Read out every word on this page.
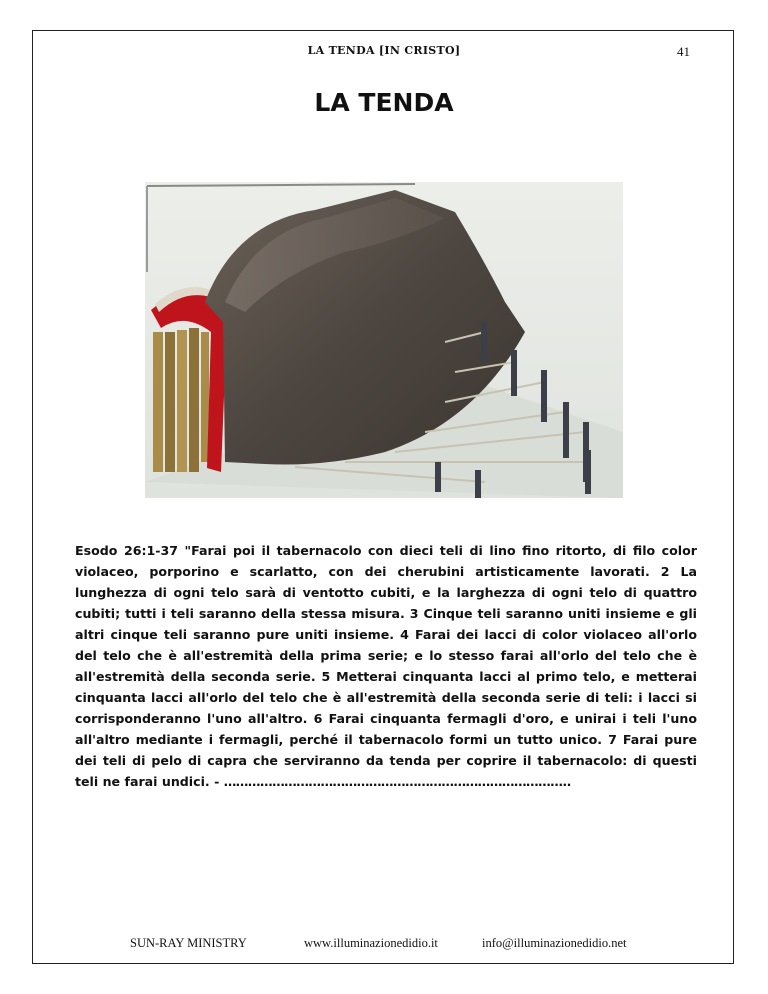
LA TENDA [IN CRISTO]	41
LA TENDA

Esodo 26:1-37 "Farai poi il tabernacolo con dieci teli di lino fino ritorto, di filo color violaceo, porporino e scarlatto, con dei cherubini artisticamente lavorati. 2 La lunghezza di ogni telo sarà di ventotto cubiti, e la larghezza di ogni telo di quattro cubiti; tutti i teli saranno della stessa misura. 3 Cinque teli saranno uniti insieme e gli altri cinque teli saranno pure uniti insieme. 4 Farai dei lacci di color violaceo all'orlo del telo che è all'estremità della prima serie; e lo stesso farai all'orlo del telo che è all'estremità della seconda serie. 5 Metterai cinquanta lacci al primo telo, e metterai cinquanta lacci all'orlo del telo che è all'estremità della seconda serie di teli: i lacci si corrisponderanno l'uno all'altro. 6 Farai cinquanta fermagli d'oro, e unirai i teli l'uno all'altro mediante i fermagli, perché il tabernacolo formi un tutto unico. 7 Farai pure dei teli di pelo di capra che serviranno da tenda per coprire il tabernacolo: di questi teli ne farai undici. - …………………………………………………………………………..

SUN-RAY MINISTRY	www.illuminazionedidio.it	info@illuminazionedidio.net
